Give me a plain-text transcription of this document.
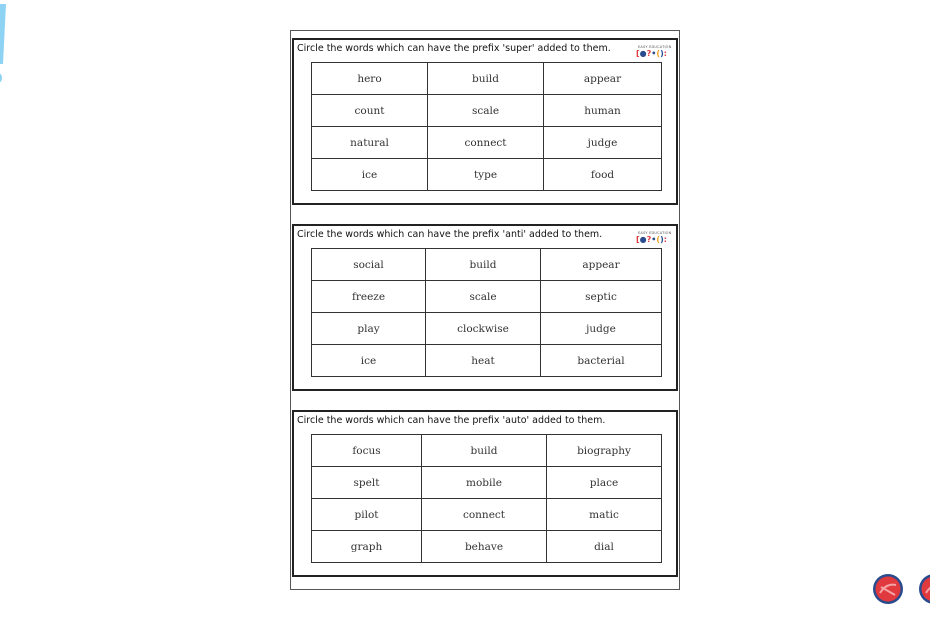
Circle the words which can have the prefix 'super' added to them.	EASY EDUCATION
[●?•():
hero	build	appear
count	scale	human
natural	connect	judge
ice	type	food
Circle the words which can have the prefix 'anti' added to them.	EASY EDUCATION
[●?•():
social	build	appear
freeze	scale	septic
play	clockwise	judge
ice	heat	bacterial
Circle the words which can have the prefix 'auto' added to them.
focus	build	biography
spelt	mobile	place
pilot	connect	matic
graph	behave	dial
